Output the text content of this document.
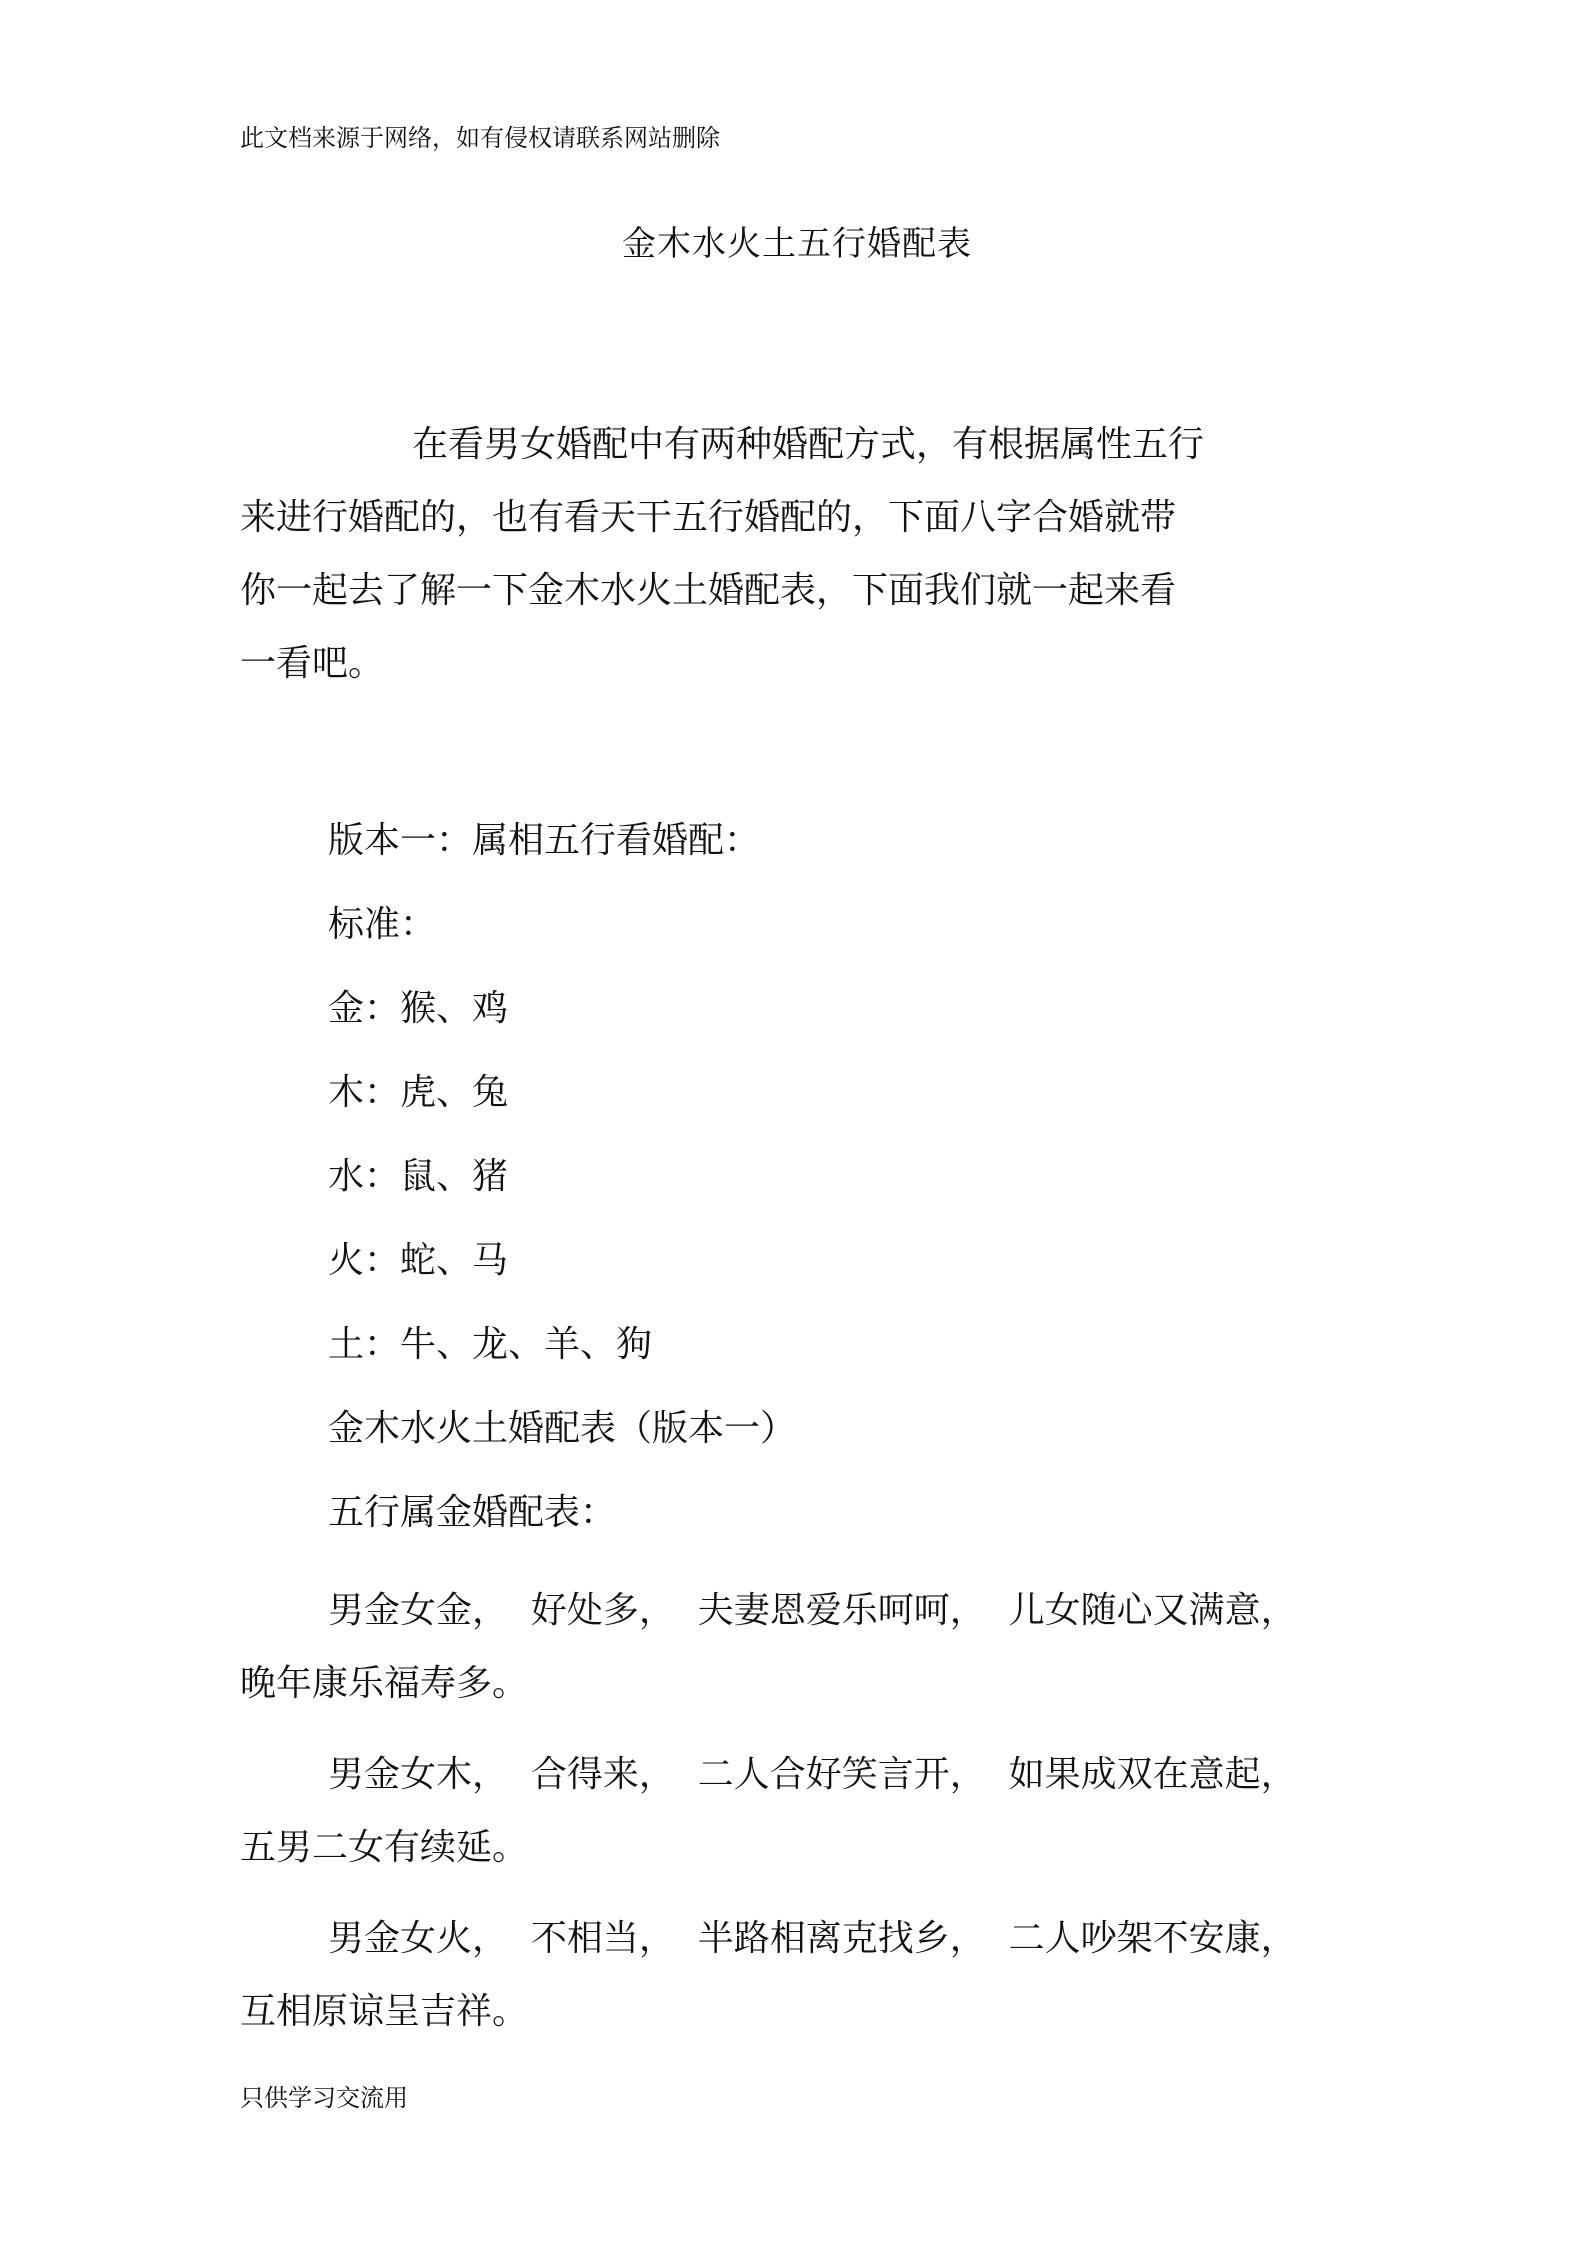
此文档来源于网络，如有侵权请联系网站删除
金木水火土五行婚配表

在看男女婚配中有两种婚配方式，有根据属性五行
来进行婚配的，也有看天干五行婚配的，下面八字合婚就带
你一起去了解一下金木水火土婚配表，下面我们就一起来看
一看吧。

版本一：属相五行看婚配：
标准：
金：猴、鸡
木：虎、兔
水：鼠、猪
火：蛇、马
土：牛、龙、羊、狗
金木水火土婚配表（版本一）
五行属金婚配表：

男金女金，  好处多，  夫妻恩爱乐呵呵，  儿女随心又满意，
晚年康乐福寿多。

男金女木，  合得来，  二人合好笑言开，  如果成双在意起，
五男二女有续延。

男金女火，  不相当，  半路相离克找乡，  二人吵架不安康，
互相原谅呈吉祥。

只供学习交流用
